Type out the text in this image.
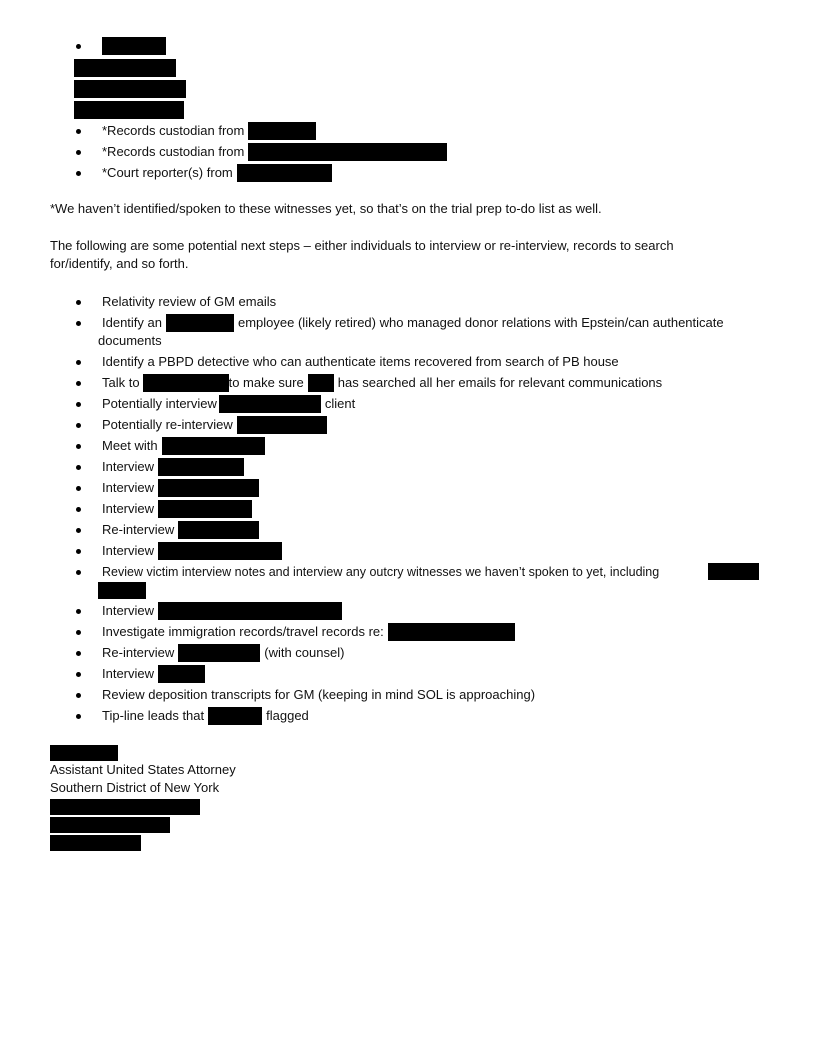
*Records custodian from
*Records custodian from
*Court reporter(s) from
*We haven’t identified/spoken to these witnesses yet, so that’s on the trial prep to-do list as well.
The following are some potential next steps – either individuals to interview or re-interview, records to search for/identify, and so forth.
Relativity review of GM emails
Identify an	employee (likely retired) who managed donor relations with Epstein/can authenticate
documents
Identify a PBPD detective who can authenticate items recovered from search of PB house
Talk to	to make sure	has searched all her emails for relevant communications
Potentially interview	client
Potentially re-interview
Meet with
Interview
Interview
Interview
Re-interview
Interview
Review victim interview notes and interview any outcry witnesses we haven’t spoken to yet, including
Interview
Investigate immigration records/travel records re:
Re-interview	(with counsel)
Interview
Review deposition transcripts for GM (keeping in mind SOL is approaching)
Tip-line leads that	flagged
Assistant United States Attorney
Southern District of New York
